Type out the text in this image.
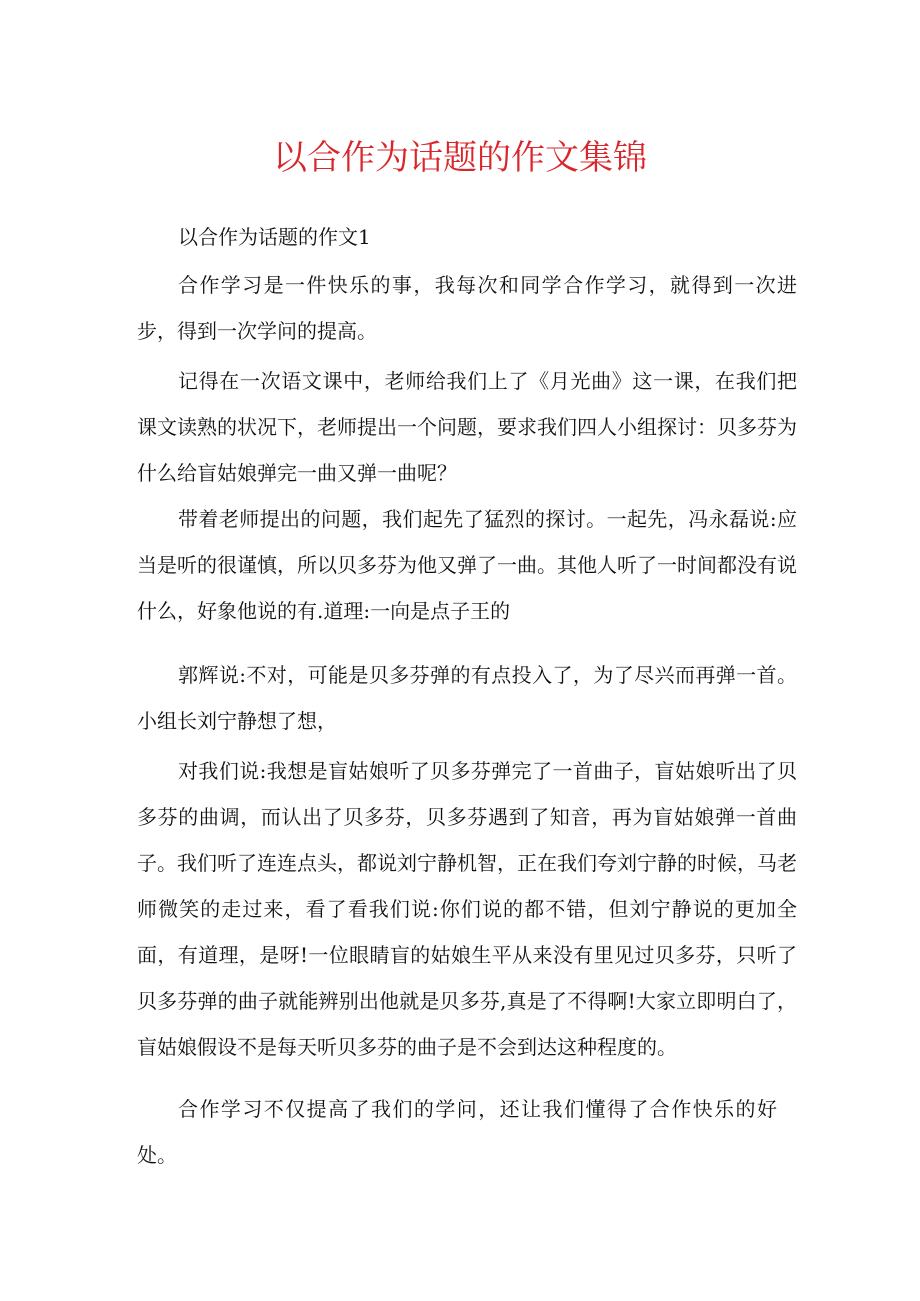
以合作为话题的作文集锦

以合作为话题的作文1

合作学习是一件快乐的事，我每次和同学合作学习，就得到一次进步，得到一次学问的提高。

记得在一次语文课中，老师给我们上了《月光曲》这一课，在我们把课文读熟的状况下，老师提出一个问题，要求我们四人小组探讨：贝多芬为什么给盲姑娘弹完一曲又弹一曲呢？

带着老师提出的问题，我们起先了猛烈的探讨。一起先，冯永磊说:应当是听的很谨慎，所以贝多芬为他又弹了一曲。其他人听了一时间都没有说什么，好象他说的有.道理:一向是点子王的

郭辉说:不对，可能是贝多芬弹的有点投入了，为了尽兴而再弹一首。小组长刘宁静想了想，

对我们说:我想是盲姑娘听了贝多芬弹完了一首曲子，盲姑娘听出了贝多芬的曲调，而认出了贝多芬，贝多芬遇到了知音，再为盲姑娘弹一首曲子。我们听了连连点头，都说刘宁静机智，正在我们夸刘宁静的时候，马老师微笑的走过来，看了看我们说:你们说的都不错，但刘宁静说的更加全面，有道理，是呀!一位眼睛盲的姑娘生平从来没有里见过贝多芬，只听了贝多芬弹的曲子就能辨别出他就是贝多芬,真是了不得啊!大家立即明白了，盲姑娘假设不是每天听贝多芬的曲子是不会到达这种程度的。

合作学习不仅提高了我们的学问，还让我们懂得了合作快乐的好处。
